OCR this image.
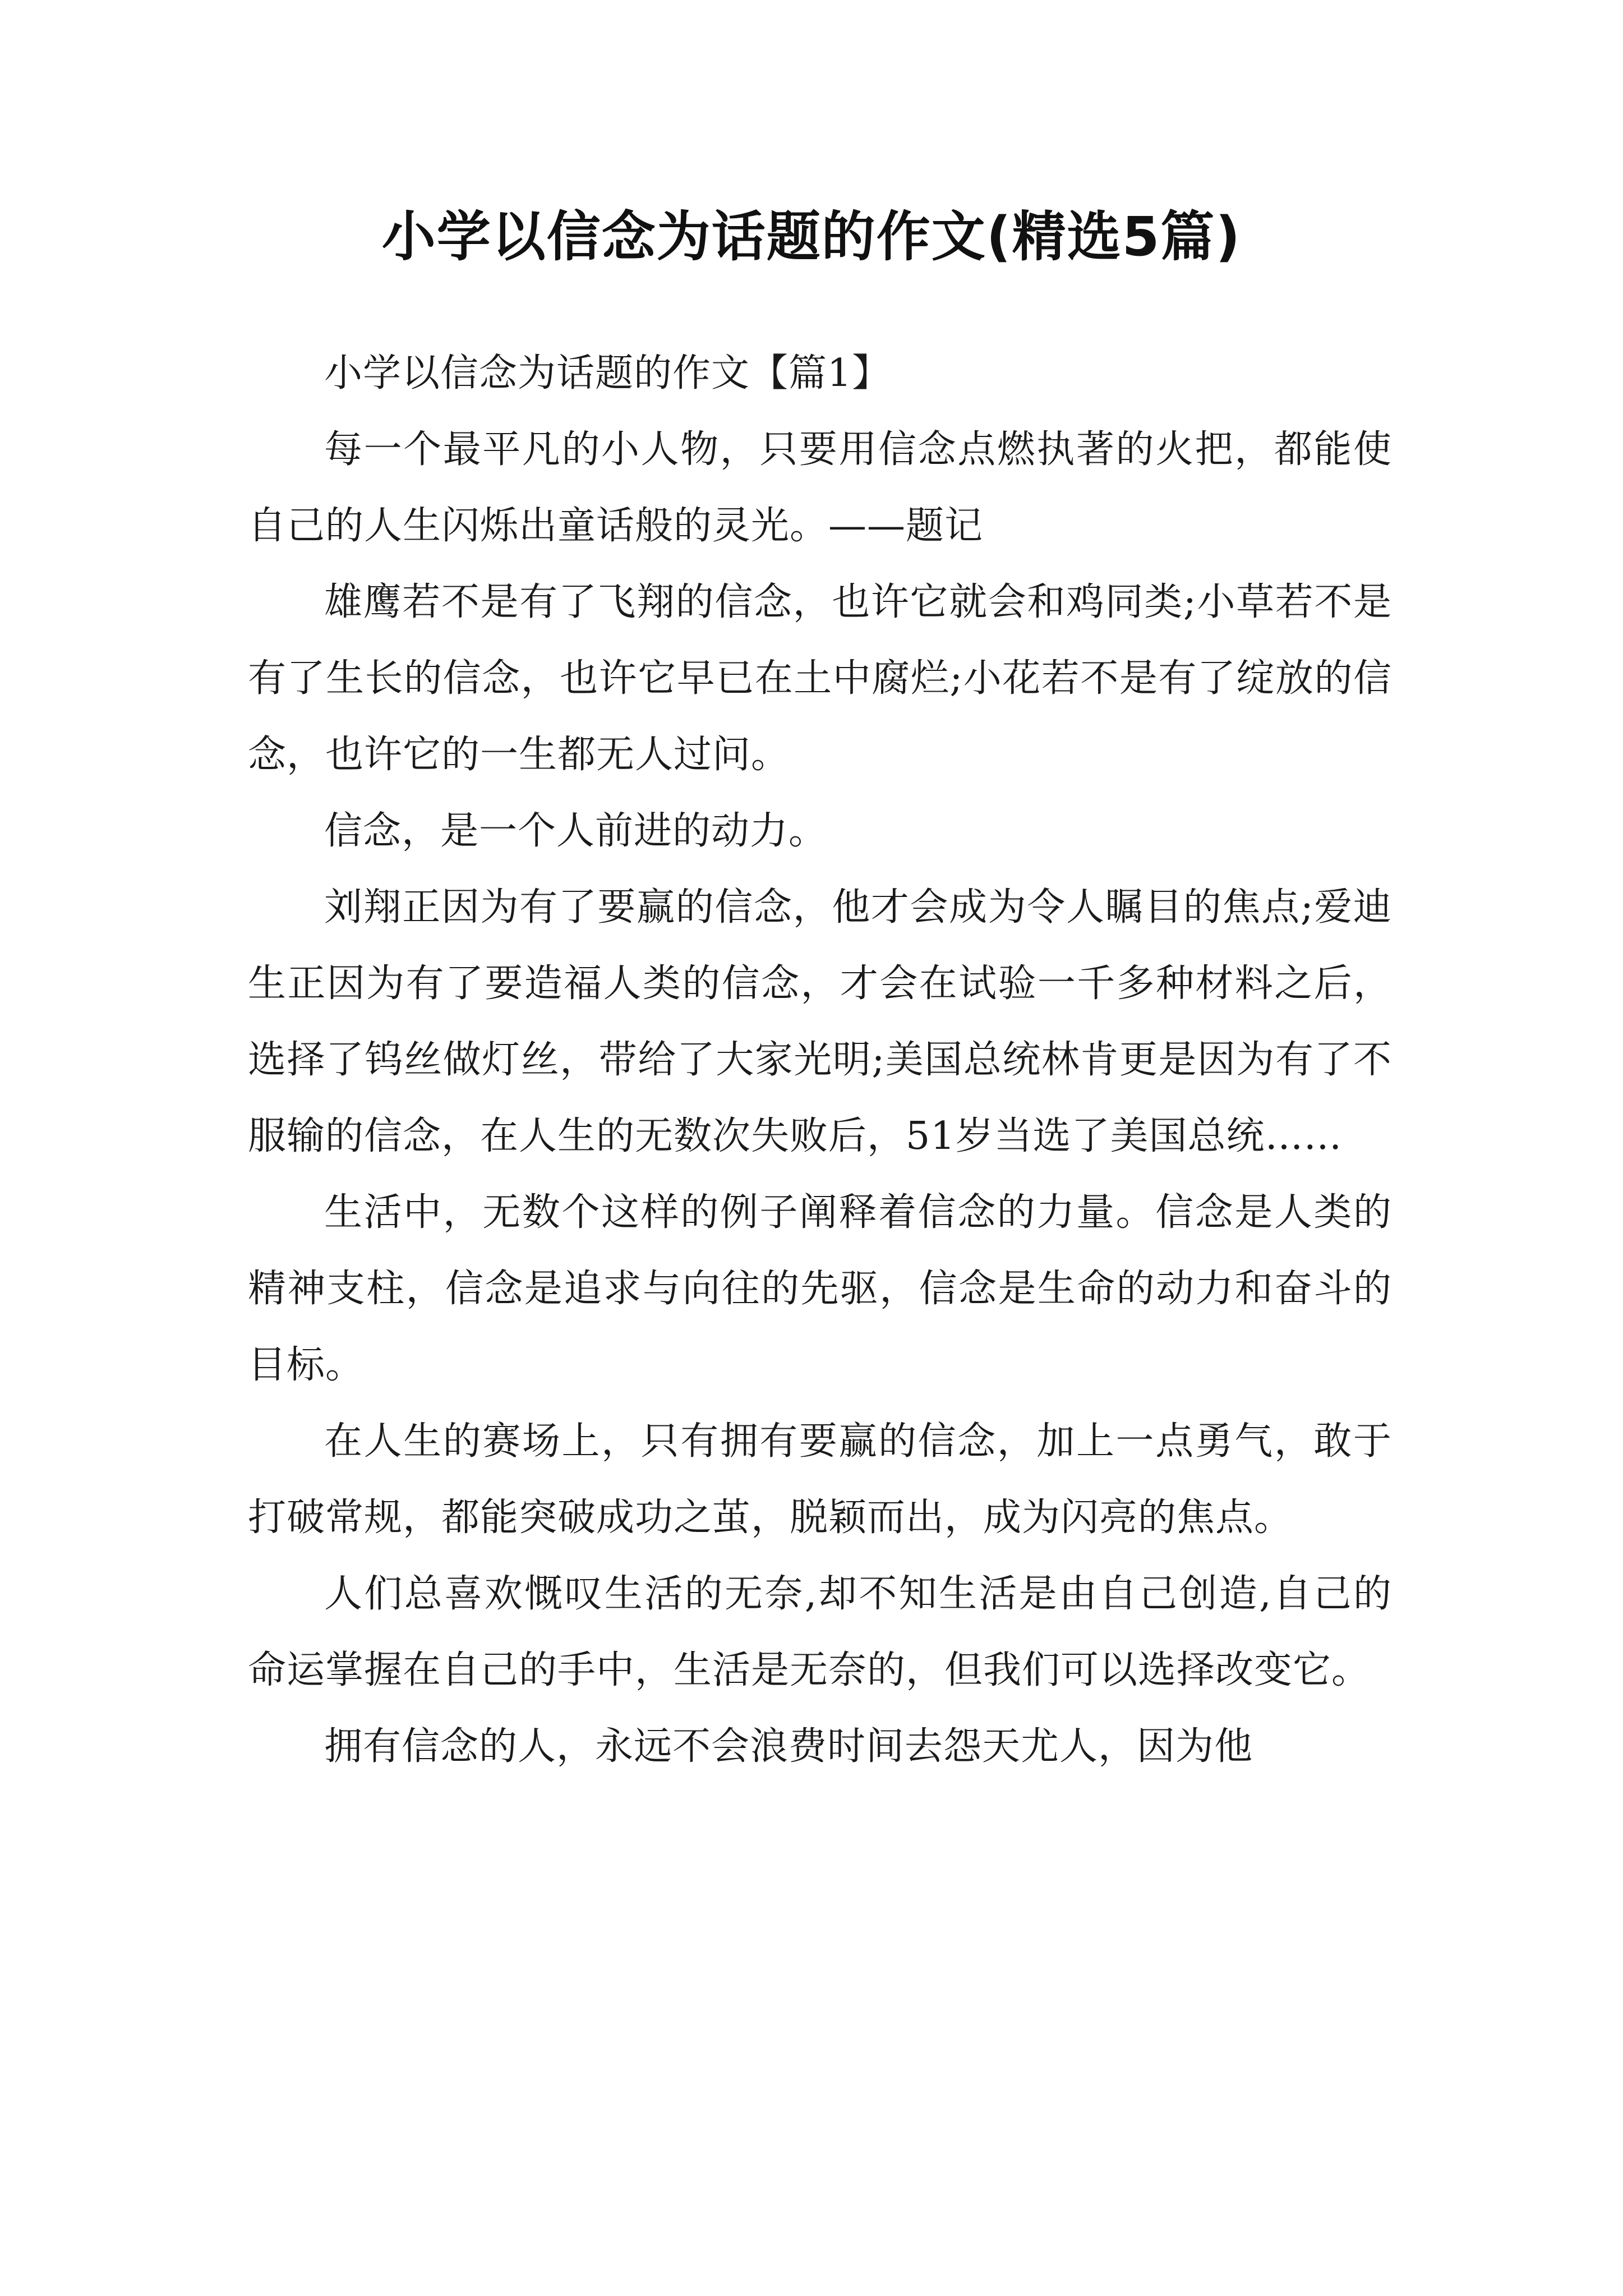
小学以信念为话题的作文(精选5篇)

小学以信念为话题的作文【篇1】

每一个最平凡的小人物，只要用信念点燃执著的火把，都能使自己的人生闪烁出童话般的灵光。——题记

雄鹰若不是有了飞翔的信念，也许它就会和鸡同类;小草若不是有了生长的信念，也许它早已在土中腐烂;小花若不是有了绽放的信念，也许它的一生都无人过问。

信念，是一个人前进的动力。

刘翔正因为有了要赢的信念，他才会成为令人瞩目的焦点;爱迪生正因为有了要造福人类的信念，才会在试验一千多种材料之后，选择了钨丝做灯丝，带给了大家光明;美国总统林肯更是因为有了不服输的信念，在人生的无数次失败后，51岁当选了美国总统……

生活中，无数个这样的例子阐释着信念的力量。信念是人类的精神支柱，信念是追求与向往的先驱，信念是生命的动力和奋斗的目标。

在人生的赛场上，只有拥有要赢的信念，加上一点勇气，敢于打破常规，都能突破成功之茧，脱颖而出，成为闪亮的焦点。

人们总喜欢慨叹生活的无奈,却不知生活是由自己创造,自己的命运掌握在自己的手中，生活是无奈的，但我们可以选择改变它。

拥有信念的人，永远不会浪费时间去怨天尤人，因为他
